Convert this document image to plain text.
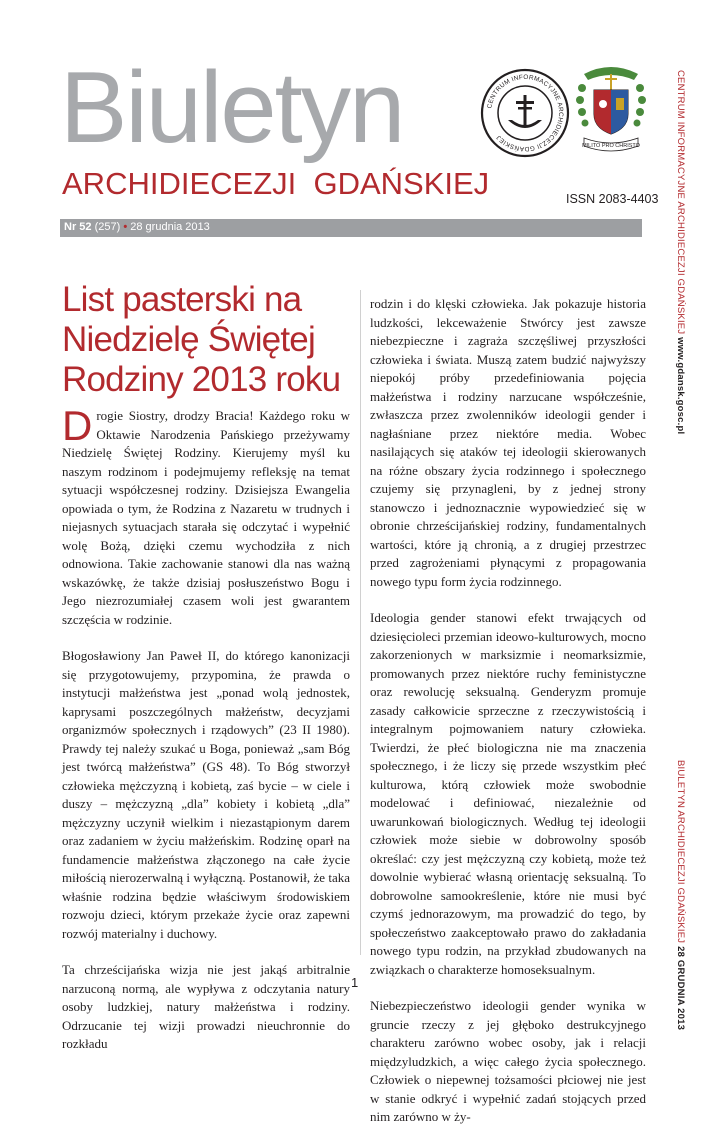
Biuletyn
ARCHIDIECEZJI  GDAŃSKIEJ	ISSN 2083-4403
CENTRUM INFORMACYJNE ARCHIDIECEZJI GDAŃSKIEJ
MILITO PRO CHRISTO
Nr 52 (257) • 28 grudnia 2013	CENTRUM INFORMACYJNE ARCHIDIECEZJI GDAŃSKIEJ www.gdansk.gosc.pl
BIULETYN ARCHIDIECEZJI GDAŃSKIEJ 28 GRUDNIA 2013
List pasterski na Niedzielę Świętej Rodziny 2013 roku

Drogie Siostry, drodzy Bracia! Każdego roku w Oktawie Narodzenia Pańskiego przeżywamy Niedzielę Świętej Rodziny. Kierujemy myśl ku naszym rodzinom i podejmujemy refleksję na temat sytuacji współczesnej rodziny. Dzisiejsza Ewangelia opowiada o tym, że Rodzina z Nazaretu w trudnych i niejasnych sytuacjach starała się odczytać i wypełnić wolę Bożą, dzięki czemu wychodziła z nich odnowiona. Takie zachowanie stanowi dla nas ważną wskazówkę, że także dzisiaj posłuszeństwo Bogu i Jego niezrozumiałej czasem woli jest gwarantem szczęścia w rodzinie.

Błogosławiony Jan Paweł II, do którego kanonizacji się przygotowujemy, przypomina, że prawda o instytucji małżeństwa jest „ponad wolą jednostek, kaprysami poszczególnych małżeństw, decyzjami organizmów społecznych i rządowych” (23 II 1980). Prawdy tej należy szukać u Boga, ponieważ „sam Bóg jest twórcą małżeństwa” (GS 48). To Bóg stworzył człowieka mężczyzną i kobietą, zaś bycie – w ciele i duszy – mężczyzną „dla” kobiety i kobietą „dla” mężczyzny uczynił wielkim i niezastąpionym darem oraz zadaniem w życiu małżeńskim. Rodzinę oparł na fundamencie małżeństwa złączonego na całe życie miłością nierozerwalną i wyłączną. Postanowił, że taka właśnie rodzina będzie właściwym środowiskiem rozwoju dzieci, którym przekaże życie oraz zapewni rozwój materialny i duchowy.

Ta chrześcijańska wizja nie jest jakąś arbitralnie narzuconą normą, ale wypływa z odczytania natury osoby ludzkiej, natury małżeństwa i rodziny. Odrzucanie tej wizji prowadzi nieuchronnie do rozkładu

rodzin i do klęski człowieka. Jak pokazuje historia ludzkości, lekceważenie Stwórcy jest zawsze niebezpieczne i zagraża szczęśliwej przyszłości człowieka i świata. Muszą zatem budzić najwyższy niepokój próby przedefiniowania pojęcia małżeństwa i rodziny narzucane współcześnie, zwłaszcza przez zwolenników ideologii gender i nagłaśniane przez niektóre media. Wobec nasilających się ataków tej ideologii skierowanych na różne obszary życia rodzinnego i społecznego czujemy się przynagleni, by z jednej strony stanowczo i jednoznacznie wypowiedzieć się w obronie chrześcijańskiej rodziny, fundamentalnych wartości, które ją chronią, a z drugiej przestrzec przed zagrożeniami płynącymi z propagowania nowego typu form życia rodzinnego.

Ideologia gender stanowi efekt trwających od dziesięcioleci przemian ideowo-kulturowych, mocno zakorzenionych w marksizmie i neomarksizmie, promowanych przez niektóre ruchy feministyczne oraz rewolucję seksualną. Genderyzm promuje zasady całkowicie sprzeczne z rzeczywistością i integralnym pojmowaniem natury człowieka. Twierdzi, że płeć biologiczna nie ma znaczenia społecznego, i że liczy się przede wszystkim płeć kulturowa, którą człowiek może swobodnie modelować i definiować, niezależnie od uwarunkowań biologicznych. Według tej ideologii człowiek może siebie w dobrowolny sposób określać: czy jest mężczyzną czy kobietą, może też dowolnie wybierać własną orientację seksualną. To dobrowolne samookreślenie, które nie musi być czymś jednorazowym, ma prowadzić do tego, by społeczeństwo zaakceptowało prawo do zakładania nowego typu rodzin, na przykład zbudowanych na związkach o charakterze homoseksualnym.

Niebezpieczeństwo ideologii gender wynika w gruncie rzeczy z jej głęboko destrukcyjnego charakteru zarówno wobec osoby, jak i relacji międzyludzkich, a więc całego życia społecznego. Człowiek o niepewnej tożsamości płciowej nie jest w stanie odkryć i wypełnić zadań stojących przed nim zarówno w ży-

1
